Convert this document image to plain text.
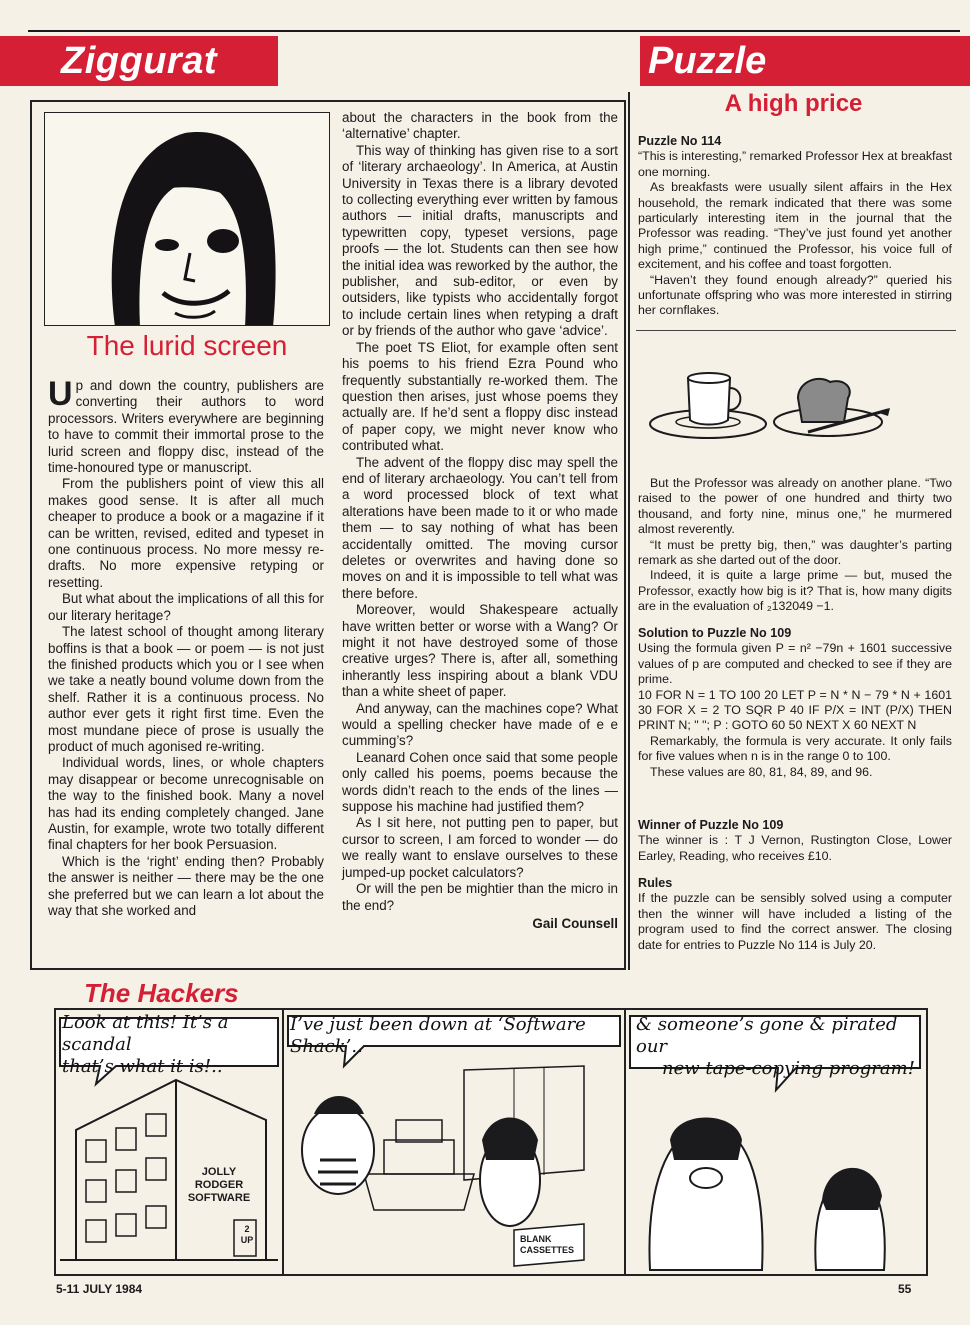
Ziggurat	Puzzle
The lurid screen

Up and down the country, publishers are converting their authors to word processors. Writers everywhere are beginning to have to commit their immortal prose to the lurid screen and floppy disc, instead of the time-honoured type or manuscript.

From the publishers point of view this all makes good sense. It is after all much cheaper to produce a book or a magazine if it can be written, revised, edited and typeset in one continuous process. No more messy re-drafts. No more expensive retyping or resetting.

But what about the implications of all this for our literary heritage?

The latest school of thought among literary boffins is that a book — or poem — is not just the finished products which you or I see when we take a neatly bound volume down from the shelf. Rather it is a continuous process. No author ever gets it right first time. Even the most mundane piece of prose is usually the product of much agonised re-writing.

Individual words, lines, or whole chapters may disappear or become unrecognisable on the way to the finished book. Many a novel has had its ending completely changed. Jane Austin, for example, wrote two totally different final chapters for her book Persuasion.

Which is the ‘right’ ending then? Probably the answer is neither — there may be the one she preferred but we can learn a lot about the way that she worked and

about the characters in the book from the ‘alternative’ chapter.

This way of thinking has given rise to a sort of ‘literary archaeology’. In America, at Austin University in Texas there is a library devoted to collecting everything ever written by famous authors — initial drafts, manuscripts and typewritten copy, typeset versions, page proofs — the lot. Students can then see how the initial idea was reworked by the author, the publisher, and sub-editor, or even by outsiders, like typists who accidentally forgot to include certain lines when retyping a draft or by friends of the author who gave ‘advice’.

The poet TS Eliot, for example often sent his poems to his friend Ezra Pound who frequently substantially re-worked them. The question then arises, just whose poems they actually are. If he’d sent a floppy disc instead of paper copy, we might never know who contributed what.

The advent of the floppy disc may spell the end of literary archaeology. You can’t tell from a word processed block of text what alterations have been made to it or who made them — to say nothing of what has been accidentally omitted. The moving cursor deletes or overwrites and having done so moves on and it is impossible to tell what was there before.

Moreover, would Shakespeare actually have written better or worse with a Wang? Or might it not have destroyed some of those creative urges? There is, after all, something inherantly less inspiring about a blank VDU than a white sheet of paper.

And anyway, can the machines cope? What would a spelling checker have made of e e cumming’s?

Leanard Cohen once said that some people only called his poems, poems because the words didn’t reach to the ends of the lines — suppose his machine had justified them?

As I sit here, not putting pen to paper, but cursor to screen, I am forced to wonder — do we really want to enslave ourselves to these jumped-up pocket calculators?

Or will the pen be mightier than the micro in the end?

Gail Counsell
A high price
Puzzle No 114

“This is interesting,” remarked Professor Hex at breakfast one morning.

As breakfasts were usually silent affairs in the Hex household, the remark indicated that there was some particularly interesting item in the journal that the Professor was reading. “They’ve just found yet another high prime,” continued the Professor, his voice full of excitement, and his coffee and toast forgotten.

“Haven’t they found enough already?” queried his unfortunate offspring who was more interested in stirring her cornflakes.

But the Professor was already on another plane. “Two raised to the power of one hundred and thirty two thousand, and forty nine, minus one,” he murmered almost reverently.

“It must be pretty big, then,” was daughter’s parting remark as she darted out of the door.

Indeed, it is quite a large prime — but, mused the Professor, exactly how big is it? That is, how many digits are in the evaluation of ₂132049 −1.

Solution to Puzzle No 109

Using the formula given P = n² −79n + 1601 successive values of p are computed and checked to see if they are prime.

10 FOR N = 1 TO 100 20 LET P = N * N − 79 * N + 1601 30 FOR X = 2 TO SQR P 40 IF P/X = INT (P/X) THEN PRINT N; " "; P : GOTO 60 50 NEXT X 60 NEXT N

Remarkably, the formula is very accurate. It only fails for five values when n is in the range 0 to 100.

These values are 80, 81, 84, 89, and 96.

Winner of Puzzle No 109

The winner is : T J Vernon, Rustington Close, Lower Earley, Reading, who receives £10.

Rules

If the puzzle can be sensibly solved using a computer then the winner will have included a listing of the program used to find the correct answer. The closing date for entries to Puzzle No 114 is July 20.

The Hackers
Look at this! It’s a scandal
that’s what it is!..
JOLLY
RODGER
SOFTWARE
2
UP
I’ve just been down at ‘Software Shack’..
BLANK CASSETTES
& someone’s gone & pirated our
new tape-copying program!
5-11 JULY 1984	55
